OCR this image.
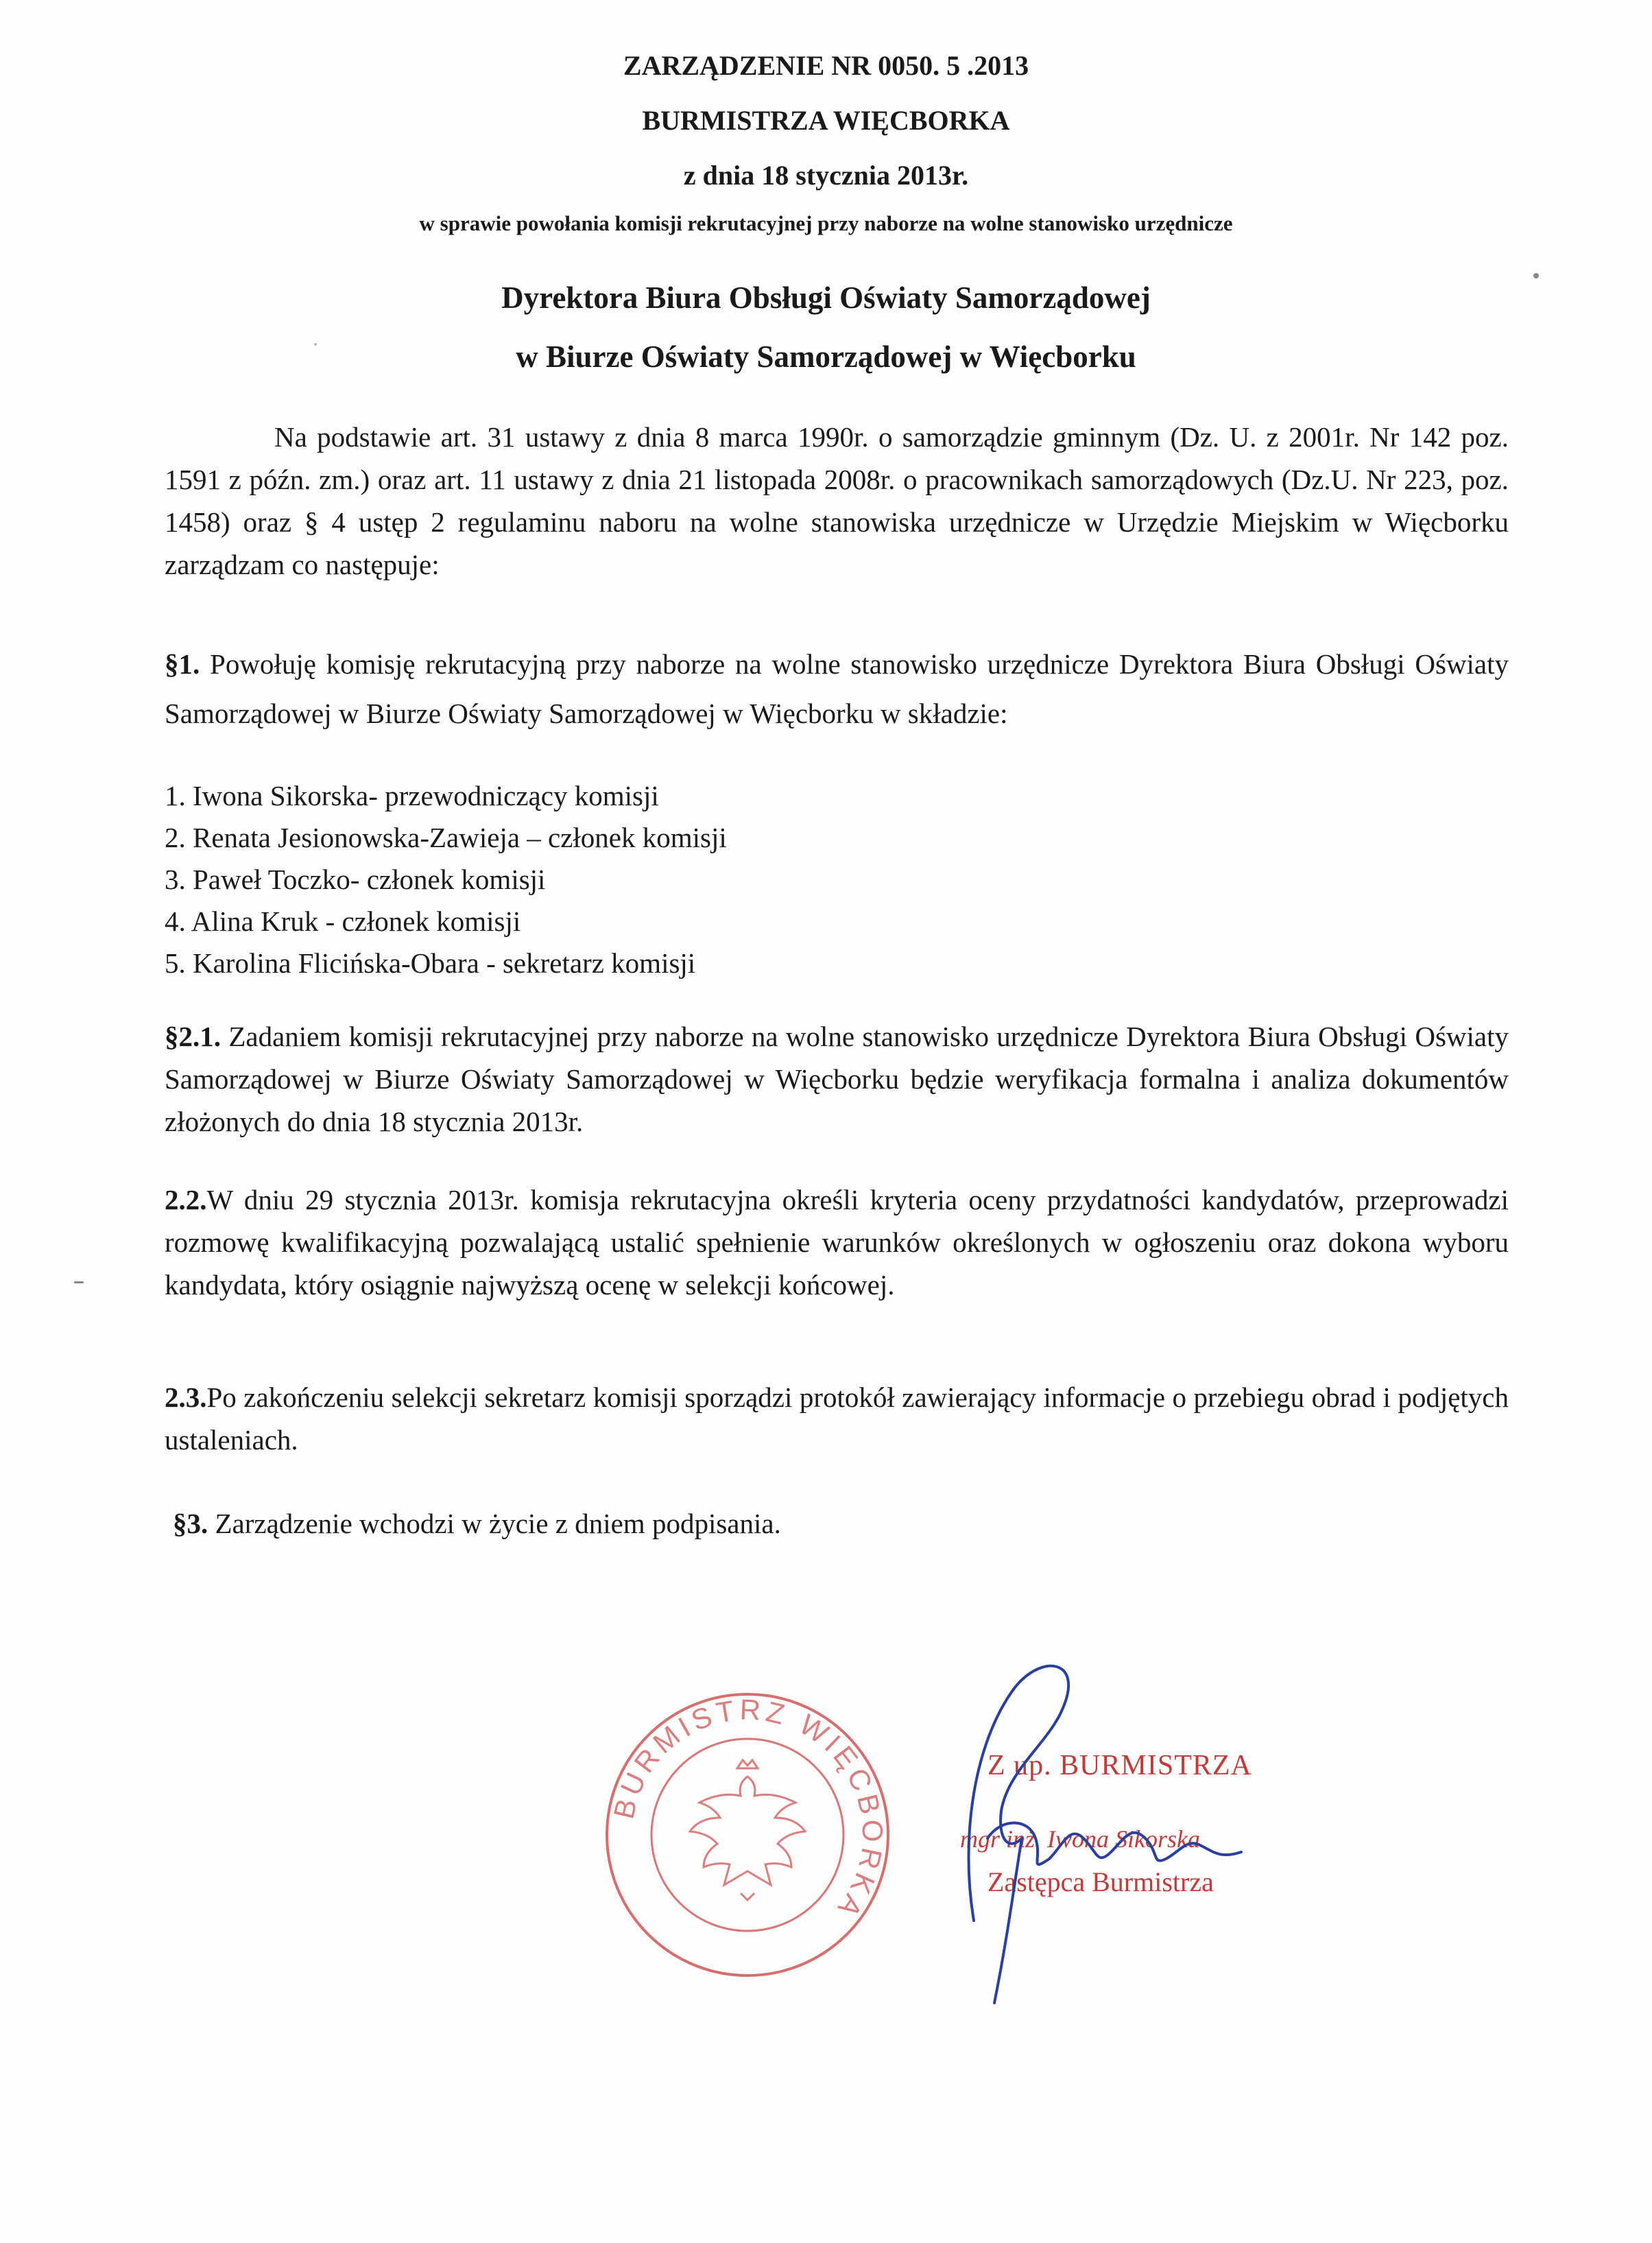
ZARZĄDZENIE NR 0050. 5 .2013
BURMISTRZA WIĘCBORKA
z dnia 18 stycznia 2013r.
w sprawie powołania komisji rekrutacyjnej przy naborze na wolne stanowisko urzędnicze
Dyrektora Biura Obsługi Oświaty Samorządowej
w Biurze Oświaty Samorządowej w Więcborku
Na podstawie art. 31 ustawy z dnia 8 marca 1990r. o samorządzie gminnym (Dz. U. z 2001r. Nr 142 poz. 1591 z późn. zm.) oraz art. 11 ustawy z dnia 21 listopada 2008r. o pracownikach samorządowych (Dz.U. Nr 223, poz. 1458) oraz § 4 ustęp 2 regulaminu naboru na wolne stanowiska urzędnicze w Urzędzie Miejskim w Więcborku zarządzam co następuje:
§1. Powołuję komisję rekrutacyjną przy naborze na wolne stanowisko urzędnicze Dyrektora Biura Obsługi Oświaty Samorządowej w Biurze Oświaty Samorządowej w Więcborku w składzie:
1. Iwona Sikorska- przewodniczący komisji
2. Renata Jesionowska-Zawieja – członek komisji
3. Paweł Toczko- członek komisji
4. Alina Kruk - członek komisji
5. Karolina Flicińska-Obara - sekretarz komisji
§2.1. Zadaniem komisji rekrutacyjnej przy naborze na wolne stanowisko urzędnicze Dyrektora Biura Obsługi Oświaty Samorządowej w Biurze Oświaty Samorządowej w Więcborku będzie weryfikacja formalna i analiza dokumentów złożonych do dnia 18 stycznia 2013r.
2.2.W dniu 29 stycznia 2013r. komisja rekrutacyjna określi kryteria oceny przydatności kandydatów, przeprowadzi rozmowę kwalifikacyjną pozwalającą ustalić spełnienie warunków określonych w ogłoszeniu oraz dokona wyboru kandydata, który osiągnie najwyższą ocenę w selekcji końcowej.
2.3.Po zakończeniu selekcji sekretarz komisji sporządzi protokół zawierający informacje o przebiegu obrad i podjętych ustaleniach.
§3. Zarządzenie wchodzi w życie z dniem podpisania.
BURMISTRZ WIĘCBORKA
Z up. BURMISTRZA
mgr inż. Iwona Sikorska
Zastępca Burmistrza
